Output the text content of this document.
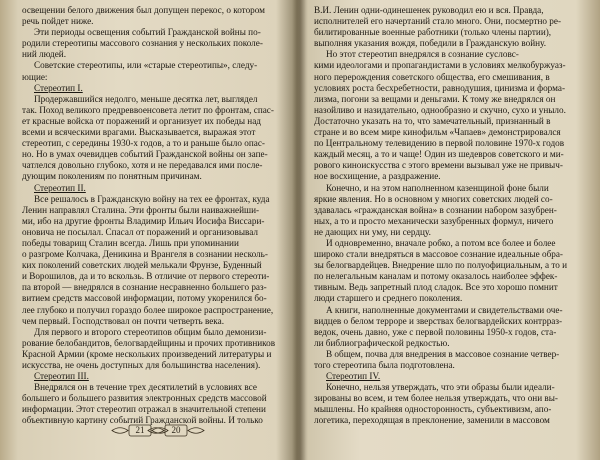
освещении белого движения был допущен перекос, о котором
речь пойдет ниже.
Эти периоды освещения событий Гражданской войны по-
родили стереотипы массового сознания у нескольких поколе-
ний людей.
Советские стереотипы, или «старые стереотипы», следу-
ющие:
Стереотип I.
Продержавшийся недолго, меньше десятка лет, выглядел
так. Поход великого предреввоенсовета летит по фронтам, спас-
ет красные войска от поражений и организует их победы над
всеми и всяческими врагами. Высказывается, выражая этот
стереотип, с середины 1930-х годов, а то и раньше было опас-
но. Но в умах очевидцев событий Гражданской войны он запе-
чатлелся довольно глубоко, хотя и не передавался ими после-
дующим поколениям по понятным причинам.
Стереотип II.
Все решалось в Гражданскую войну на тех ее фронтах, куда
Ленин направлял Сталина. Эти фронты были наиважнейши-
ми, ибо на другие фронты Владимир Ильич Иосифа Виссари-
оновича не посылал. Спасал от поражений и организовывал
победы товарищ Сталин всегда. Лишь при упоминании
о разгроме Колчака, Деникина и Врангеля в сознании несколь-
ких поколений советских людей мелькали Фрунзе, Буденный
и Ворошилов, да и то вскользь. В отличие от первого стереоти-
па второй — внедрялся в сознание несравненно большего раз-
витием средств массовой информации, потому укоренился бо-
лее глубоко и получил гораздо более широкое распространение,
чем первый. Господствовал он почти четверть века.
Для первого и второго стереотипов общим было демонизи-
рование белобандитов, белогвардейщины и прочих противников
Красной Армии (кроме нескольких произведений литературы и
искусства, не очень доступных для большинства населения).
Стереотип III.
Внедрялся он в течение трех десятилетий в условиях все
большего и большего развития электронных средств массовой
информации. Этот стереотип отражал в значительной степени
объективную картину событий Гражданской войны. И только
В.И. Ленин одни-одинешенек руководил ею и вся. Правда,
исполнителей его начертаний стало много. Они, посмертно ре-
билитированные военные работники (только члены партии),
выполняя указания вождя, победили в Гражданскую войну.
Но этот стереотип внедрялся в сознание сусловс-
кими идеологами и пропагандистами в условиях мелкобуржуаз-
ного перерождения советского общества, его смешивания, в
условиях роста бесхребетности, равнодушия, цинизма и форма-
лизма, погони за вещами и деньгами. К тому же внедрялся он
назойливо и назидательно, однообразно и скучно, сухо и уныло.
Достаточно указать на то, что замечательный, признанный в
стране и во всем мире кинофильм «Чапаев» демонстрировался
по Центральному телевидению в первой половине 1970-х годов
каждый месяц, а то и чаще! Один из шедевров советского и ми-
рового киноискусства с этого времени вызывал уже не привыч-
ное восхищение, а раздражение.
Конечно, и на этом наполненном казенщиной фоне были
яркие явления. Но в основном у многих советских людей со-
здавалась «гражданская война» в сознании набором зазубрен-
ных, а то и просто механически зазубренных формул, ничего
не дающих ни уму, ни сердцу.
И одновременно, вначале робко, а потом все более и более
широко стали внедряться в массовое сознание идеальные обра-
зы белогвардейцев. Внедрение шло по полуофициальным, а то и
по нелегальным каналам и потому оказалось наиболее эффек-
тивным. Ведь запретный плод сладок. Все это хорошо помнит
люди старшего и среднего поколения.
А книги, наполненные документами и свидетельствами оче-
видцев о белом терроре и зверствах белогвардейских контрраз-
ведок, очень давно, уже с первой половины 1950-х годов, ста-
ли библиографической редкостью.
В общем, почва для внедрения в массовое сознание четвер-
того стереотипа была подготовлена.
Стереотип IV.
Конечно, нельзя утверждать, что эти образы были идеали-
зированы во всем, и тем более нельзя утверждать, что они вы-
мышлены. Но крайняя односторонность, субъективизм, апо-
логетика, переходящая в преклонение, заменили в массовом
20
21
